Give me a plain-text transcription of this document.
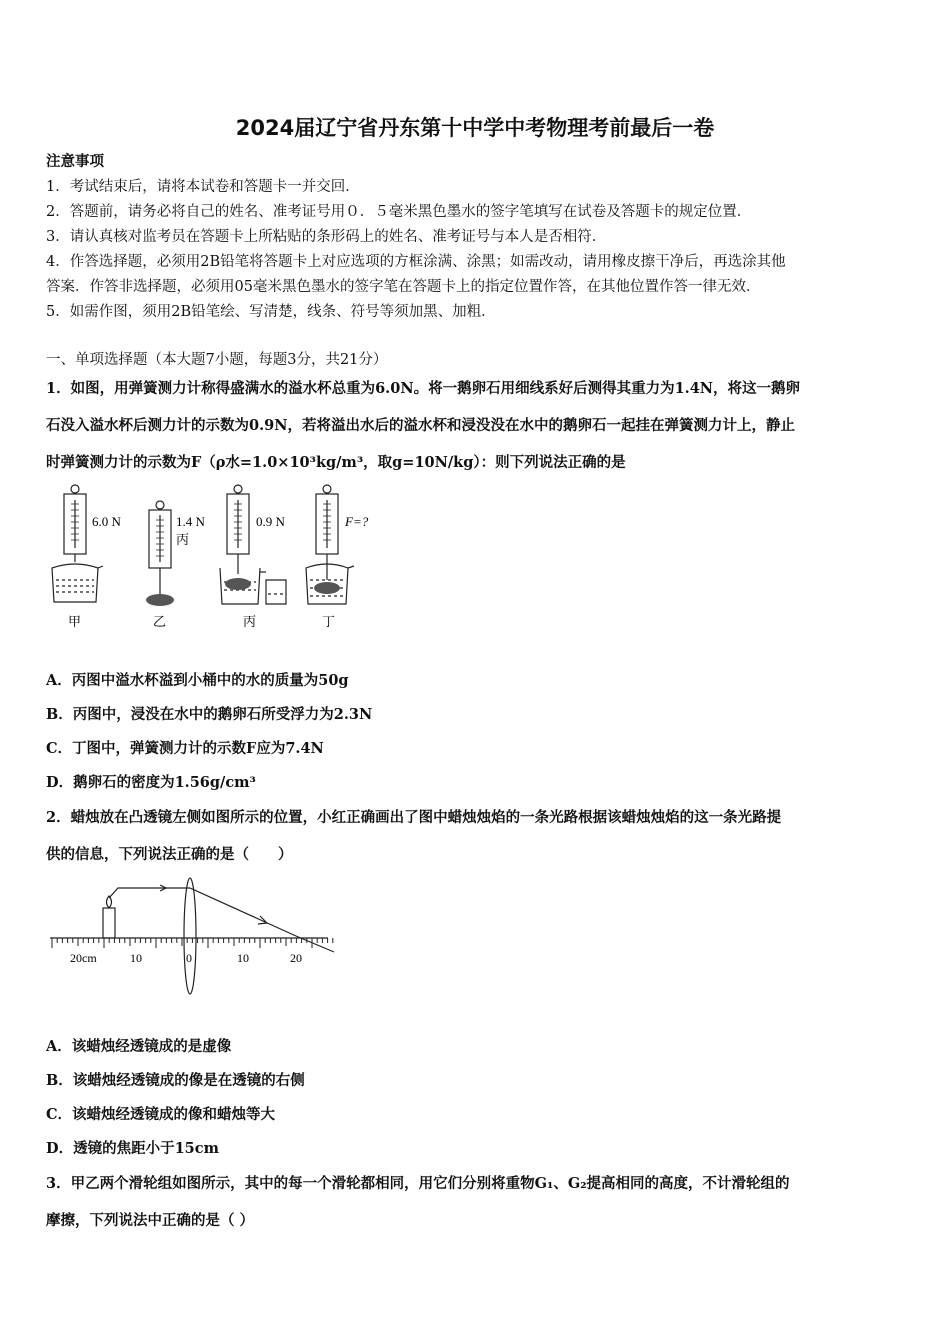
2024届辽宁省丹东第十中学中考物理考前最后一卷
注意事项
1．考试结束后，请将本试卷和答题卡一并交回．
2．答题前，请务必将自己的姓名、准考证号用０．５毫米黑色墨水的签字笔填写在试卷及答题卡的规定位置．
3．请认真核对监考员在答题卡上所粘贴的条形码上的姓名、准考证号与本人是否相符．
4．作答选择题，必须用2B铅笔将答题卡上对应选项的方框涂满、涂黑；如需改动，请用橡皮擦干净后，再选涂其他
答案．作答非选择题，必须用05毫米黑色墨水的签字笔在答题卡上的指定位置作答，在其他位置作答一律无效．
5．如需作图，须用2B铅笔绘、写清楚，线条、符号等须加黑、加粗．
一、单项选择题（本大题7小题，每题3分，共21分）
1．如图，用弹簧测力计称得盛满水的溢水杯总重为6.0N。将一鹅卵石用细线系好后测得其重力为1.4N，将这一鹅卵
石没入溢水杯后测力计的示数为0.9N，若将溢出水后的溢水杯和浸没没在水中的鹅卵石一起挂在弹簧测力计上，静止
时弹簧测力计的示数为F（ρ水=1.0×10³kg/m³，取g=10N/kg）：则下列说法正确的是
6.0 N	1.4 N
丙
0.9 N	F=?
甲	乙	丙	丁
A．丙图中溢水杯溢到小桶中的水的质量为50g
B．丙图中，浸没在水中的鹅卵石所受浮力为2.3N
C．丁图中，弹簧测力计的示数F应为7.4N
D．鹅卵石的密度为1.56g/cm³
2．蜡烛放在凸透镜左侧如图所示的位置，小红正确画出了图中蜡烛烛焰的一条光路根据该蜡烛烛焰的这一条光路提
供的信息，下列说法正确的是（　　）
20cm	10	0	10	20
A．该蜡烛经透镜成的是虚像
B．该蜡烛经透镜成的像是在透镜的右侧
C．该蜡烛经透镜成的像和蜡烛等大
D．透镜的焦距小于15cm
3．甲乙两个滑轮组如图所示，其中的每一个滑轮都相同，用它们分别将重物G₁、G₂提高相同的高度，不计滑轮组的
摩擦，下列说法中正确的是（ ）
